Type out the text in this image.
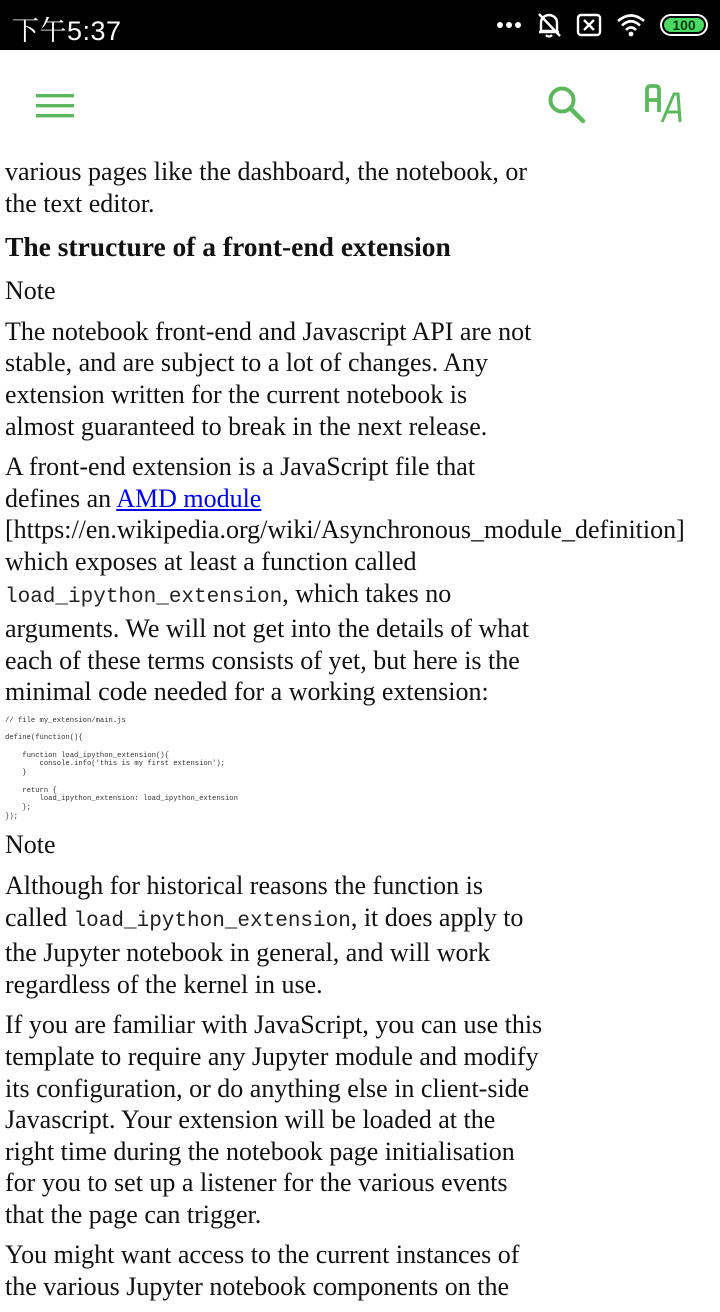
下午5:37	100

various pages like the dashboard, the notebook, or
the text editor.

The structure of a front-end extension

Note

The notebook front-end and Javascript API are not
stable, and are subject to a lot of changes. Any
extension written for the current notebook is
almost guaranteed to break in the next release.

A front-end extension is a JavaScript file that
defines an AMD module
[https://en.wikipedia.org/wiki/Asynchronous_module_definition]
which exposes at least a function called
load_ipython_extension, which takes no
arguments. We will not get into the details of what
each of these terms consists of yet, but here is the
minimal code needed for a working extension:

// file my_extension/main.js

define(function(){

function load_ipython_extension(){
console.info('this is my first extension');
}

return {
load_ipython_extension: load_ipython_extension
};
});

Note

Although for historical reasons the function is
called load_ipython_extension, it does apply to
the Jupyter notebook in general, and will work
regardless of the kernel in use.

If you are familiar with JavaScript, you can use this
template to require any Jupyter module and modify
its configuration, or do anything else in client-side
Javascript. Your extension will be loaded at the
right time during the notebook page initialisation
for you to set up a listener for the various events
that the page can trigger.

You might want access to the current instances of
the various Jupyter notebook components on the
